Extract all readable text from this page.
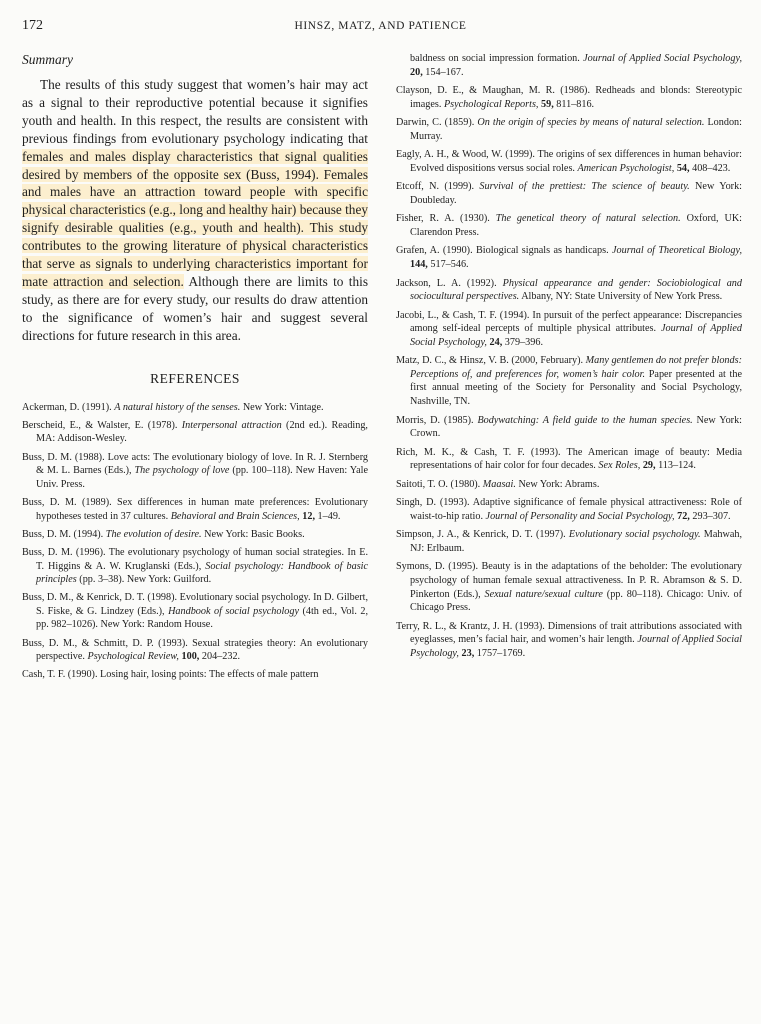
172	HINSZ, MATZ, AND PATIENCE
Summary

The results of this study suggest that women’s hair may act as a signal to their reproductive potential because it signifies youth and health. In this respect, the results are consistent with previous findings from evolutionary psychology indicating that females and males display characteristics that signal qualities desired by members of the opposite sex (Buss, 1994). Females and males have an attraction toward people with specific physical characteristics (e.g., long and healthy hair) because they signify desirable qualities (e.g., youth and health). This study contributes to the growing literature of physical characteristics that serve as signals to underlying characteristics important for mate attraction and selection. Although there are limits to this study, as there are for every study, our results do draw attention to the significance of women’s hair and suggest several directions for future research in this area.

REFERENCES
Ackerman, D. (1991). A natural history of the senses. New York: Vintage.
Berscheid, E., & Walster, E. (1978). Interpersonal attraction (2nd ed.). Reading, MA: Addison-Wesley.
Buss, D. M. (1988). Love acts: The evolutionary biology of love. In R. J. Sternberg & M. L. Barnes (Eds.), The psychology of love (pp. 100–118). New Haven: Yale Univ. Press.
Buss, D. M. (1989). Sex differences in human mate preferences: Evolutionary hypotheses tested in 37 cultures. Behavioral and Brain Sciences, 12, 1–49.
Buss, D. M. (1994). The evolution of desire. New York: Basic Books.
Buss, D. M. (1996). The evolutionary psychology of human social strategies. In E. T. Higgins & A. W. Kruglanski (Eds.), Social psychology: Handbook of basic principles (pp. 3–38). New York: Guilford.
Buss, D. M., & Kenrick, D. T. (1998). Evolutionary social psychology. In D. Gilbert, S. Fiske, & G. Lindzey (Eds.), Handbook of social psychology (4th ed., Vol. 2, pp. 982–1026). New York: Random House.
Buss, D. M., & Schmitt, D. P. (1993). Sexual strategies theory: An evolutionary perspective. Psychological Review, 100, 204–232.
Cash, T. F. (1990). Losing hair, losing points: The effects of male pattern
baldness on social impression formation. Journal of Applied Social Psychology, 20, 154–167.
Clayson, D. E., & Maughan, M. R. (1986). Redheads and blonds: Stereotypic images. Psychological Reports, 59, 811–816.
Darwin, C. (1859). On the origin of species by means of natural selection. London: Murray.
Eagly, A. H., & Wood, W. (1999). The origins of sex differences in human behavior: Evolved dispositions versus social roles. American Psychologist, 54, 408–423.
Etcoff, N. (1999). Survival of the prettiest: The science of beauty. New York: Doubleday.
Fisher, R. A. (1930). The genetical theory of natural selection. Oxford, UK: Clarendon Press.
Grafen, A. (1990). Biological signals as handicaps. Journal of Theoretical Biology, 144, 517–546.
Jackson, L. A. (1992). Physical appearance and gender: Sociobiological and sociocultural perspectives. Albany, NY: State University of New York Press.
Jacobi, L., & Cash, T. F. (1994). In pursuit of the perfect appearance: Discrepancies among self-ideal percepts of multiple physical attributes. Journal of Applied Social Psychology, 24, 379–396.
Matz, D. C., & Hinsz, V. B. (2000, February). Many gentlemen do not prefer blonds: Perceptions of, and preferences for, women’s hair color. Paper presented at the first annual meeting of the Society for Personality and Social Psychology, Nashville, TN.
Morris, D. (1985). Bodywatching: A field guide to the human species. New York: Crown.
Rich, M. K., & Cash, T. F. (1993). The American image of beauty: Media representations of hair color for four decades. Sex Roles, 29, 113–124.
Saitoti, T. O. (1980). Maasai. New York: Abrams.
Singh, D. (1993). Adaptive significance of female physical attractiveness: Role of waist-to-hip ratio. Journal of Personality and Social Psychology, 72, 293–307.
Simpson, J. A., & Kenrick, D. T. (1997). Evolutionary social psychology. Mahwah, NJ: Erlbaum.
Symons, D. (1995). Beauty is in the adaptations of the beholder: The evolutionary psychology of human female sexual attractiveness. In P. R. Abramson & S. D. Pinkerton (Eds.), Sexual nature/sexual culture (pp. 80–118). Chicago: Univ. of Chicago Press.
Terry, R. L., & Krantz, J. H. (1993). Dimensions of trait attributions associated with eyeglasses, men’s facial hair, and women’s hair length. Journal of Applied Social Psychology, 23, 1757–1769.
